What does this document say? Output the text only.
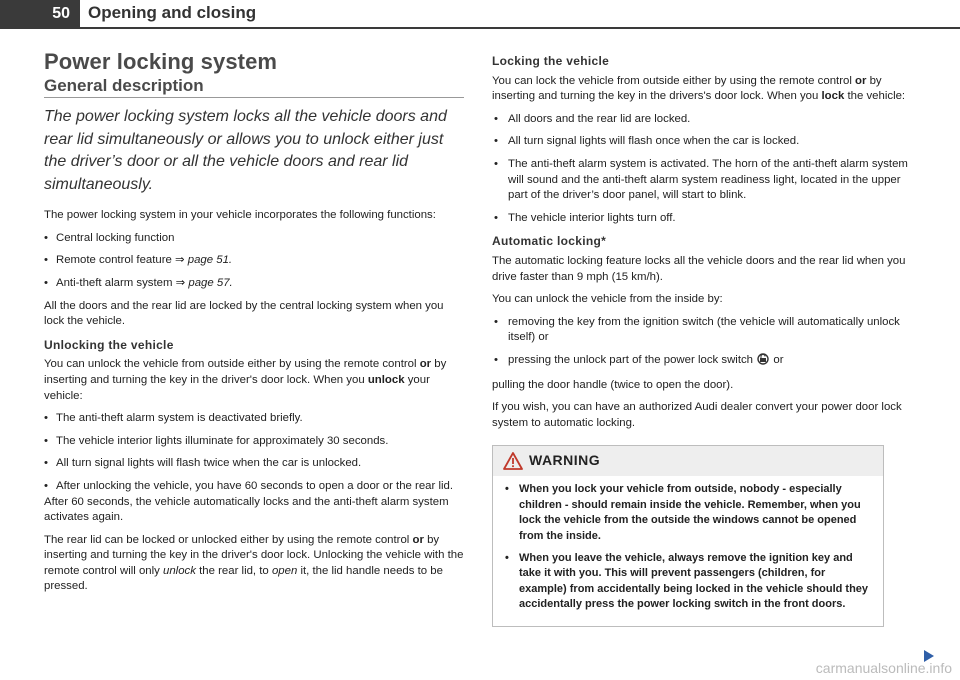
50	Opening and closing
Power locking system
General description
The power locking system locks all the vehicle doors and rear lid simultaneously or allows you to unlock either just the driver’s door or all the vehicle doors and rear lid simultaneously.

The power locking system in your vehicle incorporates the following functions:

• Central locking function
• Remote control feature ⇒ page 51.
• Anti-theft alarm system ⇒ page 57.

All the doors and the rear lid are locked by the central locking system when you lock the vehicle.

Unlocking the vehicle

You can unlock the vehicle from outside either by using the remote control or by inserting and turning the key in the driver's door lock. When you unlock your vehicle:

• The anti-theft alarm system is deactivated briefly.
• The vehicle interior lights illuminate for approximately 30 seconds.
• All turn signal lights will flash twice when the car is unlocked.
• After unlocking the vehicle, you have 60 seconds to open a door or the rear lid. After 60 seconds, the vehicle automatically locks and the anti-theft alarm system activates again.

The rear lid can be locked or unlocked either by using the remote control or by inserting and turning the key in the driver's door lock. Unlocking the vehicle with the remote control will only unlock the rear lid, to open it, the lid handle needs to be pressed.

Locking the vehicle

You can lock the vehicle from outside either by using the remote control or by inserting and turning the key in the drivers's door lock. When you lock the vehicle:

• All doors and the rear lid are locked.
• All turn signal lights will flash once when the car is locked.
• The anti-theft alarm system is activated. The horn of the anti-theft alarm system will sound and the anti-theft alarm system readiness light, located in the upper part of the driver’s door panel, will start to blink.
• The vehicle interior lights turn off.
Automatic locking*

The automatic locking feature locks all the vehicle doors and the rear lid when you drive faster than 9 mph (15 km/h).

You can unlock the vehicle from the inside by:

• removing the key from the ignition switch (the vehicle will automatically unlock itself) or
• pressing the unlock part of the power lock switch  or

pulling the door handle (twice to open the door).

If you wish, you can have an authorized Audi dealer convert your power door lock system to automatic locking.

WARNING
• When you lock your vehicle from outside, nobody - especially children - should remain inside the vehicle. Remember, when you lock the vehicle from the outside the windows cannot be opened from the inside.
• When you leave the vehicle, always remove the ignition key and take it with you. This will prevent passengers (children, for example) from accidentally being locked in the vehicle should they accidentally press the power locking switch in the front doors.
carmanualsonline.info
